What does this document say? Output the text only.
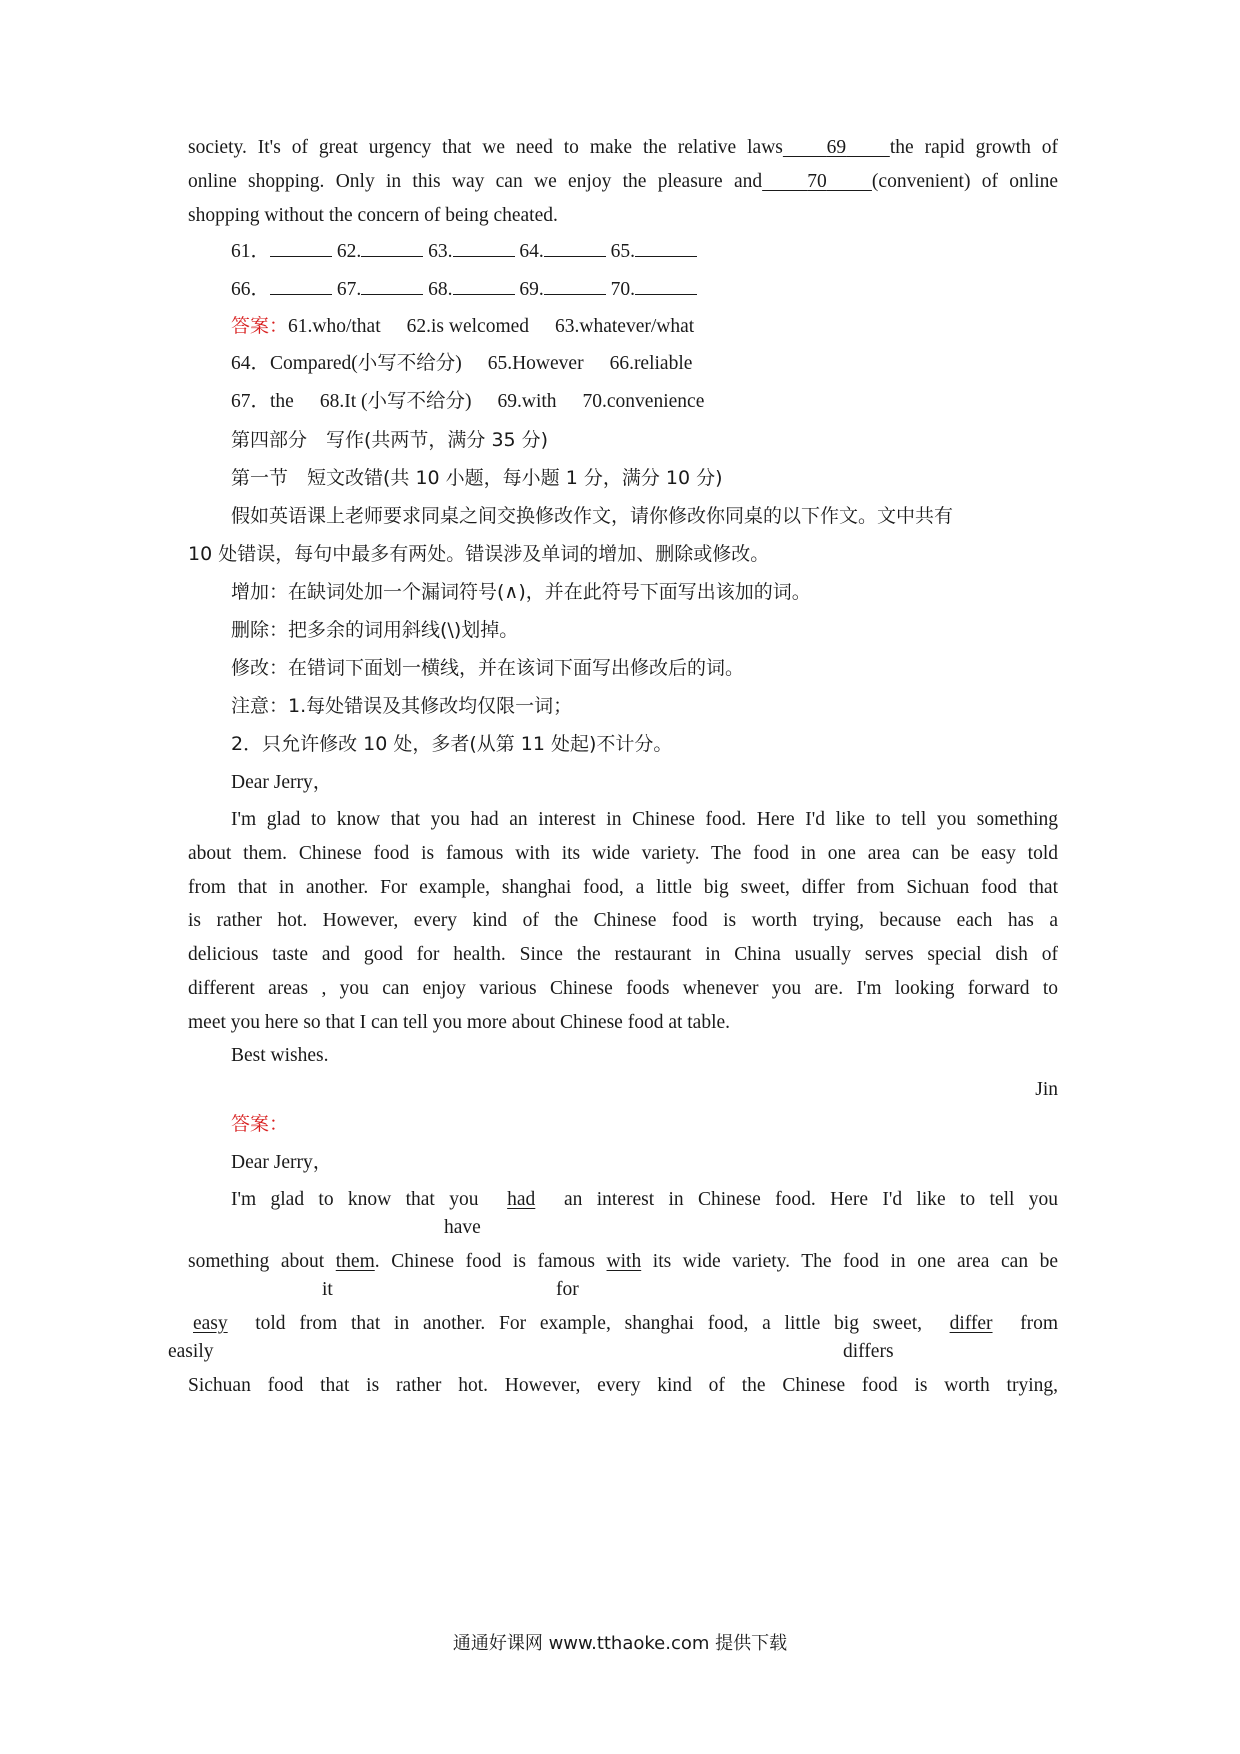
society. It's of great urgency that we need to make the relative laws 69 the rapid growth of
online shopping. Only in this way can we enjoy the pleasure and 70 (convenient) of online
shopping without the concern of being cheated.
61．	62.	63.	64.	65.
66．	67.	68.	69.	70.
答案：61.who/that 62.is welcomed 63.whatever/what
64．Compared(小写不给分) 65.However 66.reliable
67．the 68.It (小写不给分) 69.with 70.convenience
第四部分　写作(共两节，满分 35 分)
第一节　短文改错(共 10 小题，每小题 1 分，满分 10 分)
假如英语课上老师要求同桌之间交换修改作文，请你修改你同桌的以下作文。文中共有
10 处错误，每句中最多有两处。错误涉及单词的增加、删除或修改。
增加：在缺词处加一个漏词符号(∧)，并在此符号下面写出该加的词。
删除：把多余的词用斜线(\)划掉。
修改：在错词下面划一横线，并在该词下面写出修改后的词。
注意：1.每处错误及其修改均仅限一词；
2．只允许修改 10 处，多者(从第 11 处起)不计分。
Dear Jerry，
I'm glad to know that you had an interest in Chinese food. Here I'd like to tell you something
about them. Chinese food is famous with its wide variety. The food in one area can be easy told
from that in another. For example, shanghai food, a little big sweet, differ from Sichuan food that
is rather hot. However, every kind of the Chinese food is worth trying, because each has a
delicious taste and good for health. Since the restaurant in China usually serves special dish of
different areas , you can enjoy various Chinese foods whenever you are. I'm looking forward to
meet you here so that I can tell you more about Chinese food at table.
Best wishes.
Jin
答案：
Dear Jerry，
I'm glad to know that you had an interest in Chinese food. Here I'd like to tell you
have
something about them. Chinese food is famous with its wide variety. The food in one area can be
it	for
easy told from that in another. For example, shanghai food, a little big sweet, differ from
easily	differs
Sichuan food that is rather hot. However, every kind of the Chinese food is worth trying,
通通好课网 www.tthaoke.com 提供下载
